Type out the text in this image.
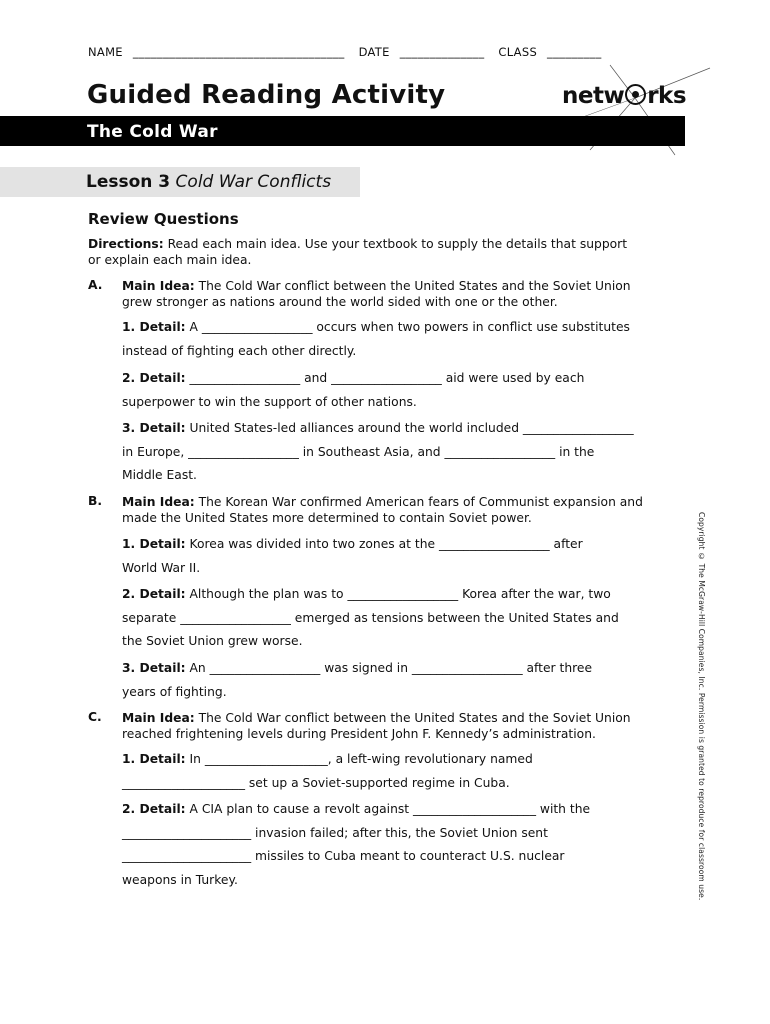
NAME ___________________________________ DATE ______________ CLASS _________
Guided Reading Activity	netw rks
The Cold War
Lesson 3 Cold War Conflicts
Review Questions
Directions: Read each main idea. Use your textbook to supply the details that support
or explain each main idea.
A. Main Idea: The Cold War conflict between the United States and the Soviet Union
grew stronger as nations around the world sided with one or the other.
1. Detail: A __________________ occurs when two powers in conflict use substitutes
instead of fighting each other directly.
2. Detail: __________________ and __________________ aid were used by each
superpower to win the support of other nations.
3. Detail: United States-led alliances around the world included __________________
in Europe, __________________ in Southeast Asia, and __________________ in the
Middle East.
B. Main Idea: The Korean War confirmed American fears of Communist expansion and
made the United States more determined to contain Soviet power.
1. Detail: Korea was divided into two zones at the __________________ after
World War II.
2. Detail: Although the plan was to __________________ Korea after the war, two
separate __________________ emerged as tensions between the United States and
the Soviet Union grew worse.
3. Detail: An __________________ was signed in __________________ after three
years of fighting.
C. Main Idea: The Cold War conflict between the United States and the Soviet Union
reached frightening levels during President John F. Kennedy’s administration.
1. Detail: In ____________________, a left-wing revolutionary named
____________________ set up a Soviet-supported regime in Cuba.
2. Detail: A CIA plan to cause a revolt against ____________________ with the
_____________________ invasion failed; after this, the Soviet Union sent
_____________________ missiles to Cuba meant to counteract U.S. nuclear
weapons in Turkey.	Copyright © The McGraw-Hill Companies, Inc. Permission is granted to reproduce for classroom use.
